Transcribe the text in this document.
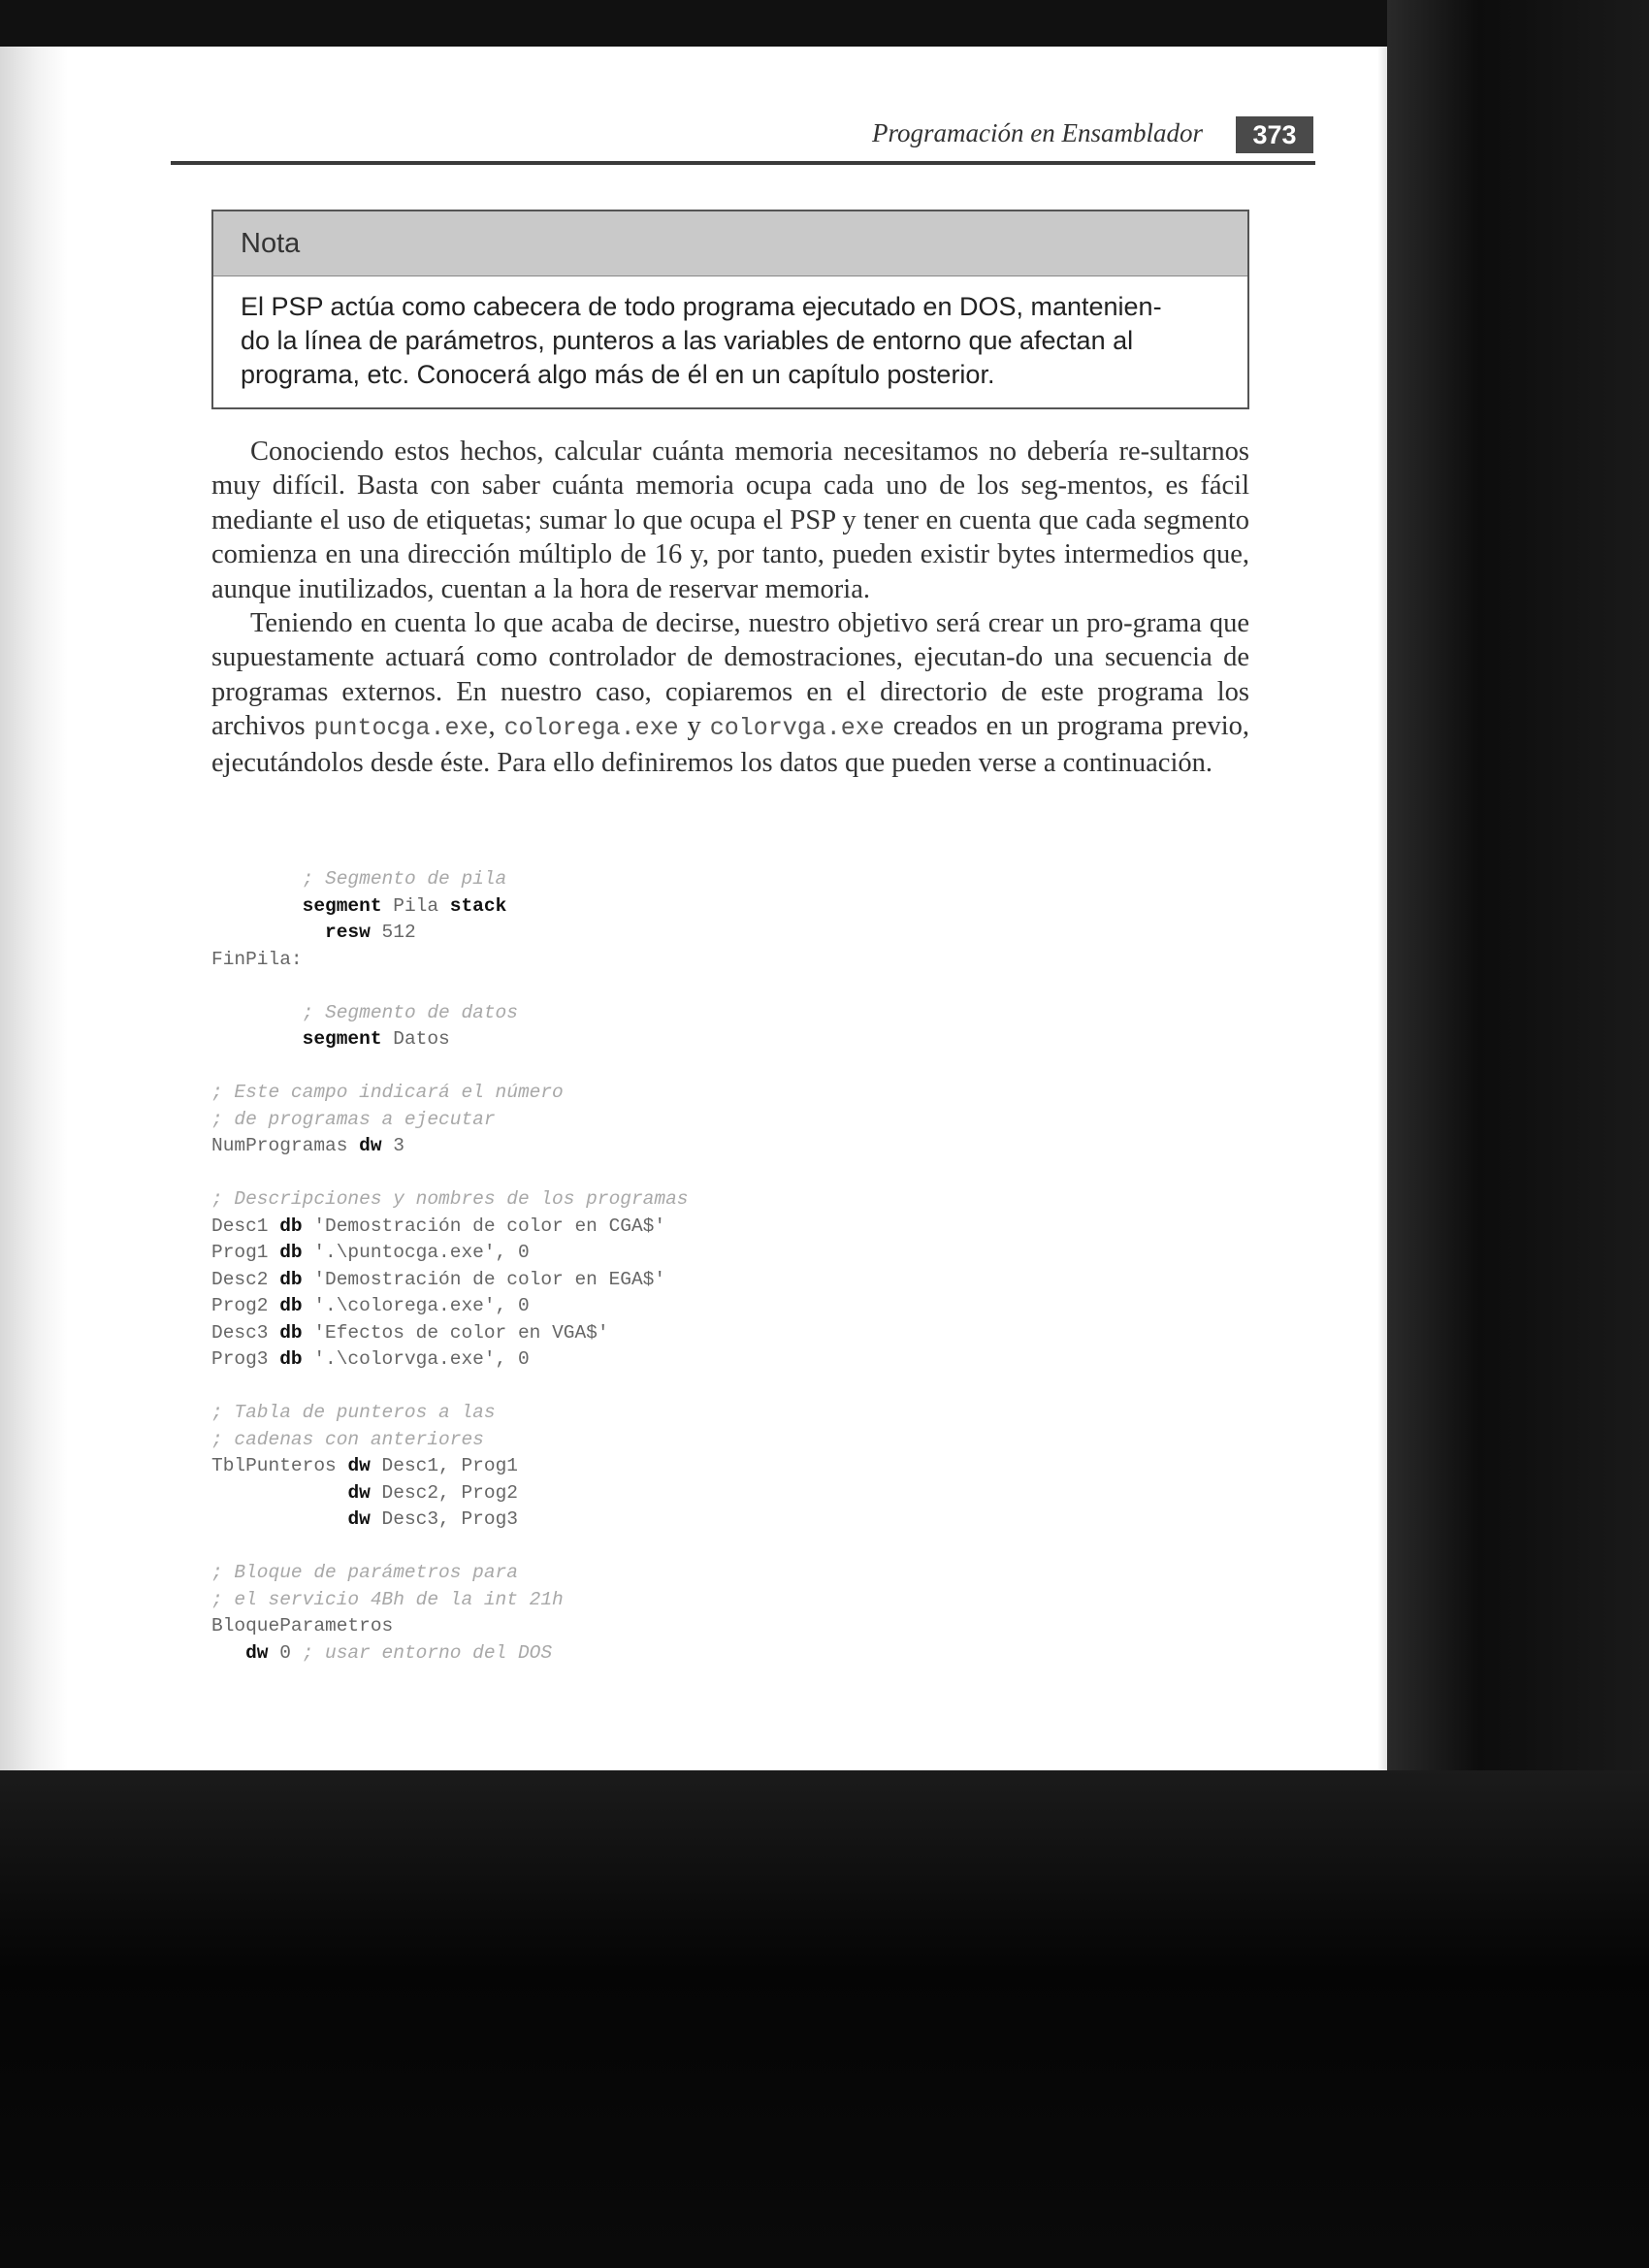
Programación en Ensamblador	373
Nota
El PSP actúa como cabecera de todo programa ejecutado en DOS, mantenien-
do la línea de parámetros, punteros a las variables de entorno que afectan al
programa, etc. Conocerá algo más de él en un capítulo posterior.

Conociendo estos hechos, calcular cuánta memoria necesitamos no debería re-sultarnos muy difícil. Basta con saber cuánta memoria ocupa cada uno de los seg-mentos, es fácil mediante el uso de etiquetas; sumar lo que ocupa el PSP y tener en cuenta que cada segmento comienza en una dirección múltiplo de 16 y, por tanto, pueden existir bytes intermedios que, aunque inutilizados, cuentan a la hora de reservar memoria.

Teniendo en cuenta lo que acaba de decirse, nuestro objetivo será crear un pro-grama que supuestamente actuará como controlador de demostraciones, ejecutan-do una secuencia de programas externos. En nuestro caso, copiaremos en el directorio de este programa los archivos puntocga.exe, colorega.exe y colorvga.exe creados en un programa previo, ejecutándolos desde éste. Para ello definiremos los datos que pueden verse a continuación.

; Segmento de pila
segment Pila stack
resw 512
FinPila:
; Segmento de datos
segment Datos
; Este campo indicará el número
; de programas a ejecutar
NumProgramas dw 3
; Descripciones y nombres de los programas
Desc1 db 'Demostración de color en CGA$'
Prog1 db '.\puntocga.exe', 0
Desc2 db 'Demostración de color en EGA$'
Prog2 db '.\colorega.exe', 0
Desc3 db 'Efectos de color en VGA$'
Prog3 db '.\colorvga.exe', 0
; Tabla de punteros a las
; cadenas con anteriores
TblPunteros dw Desc1, Prog1
dw Desc2, Prog2
dw Desc3, Prog3
; Bloque de parámetros para
; el servicio 4Bh de la int 21h
BloqueParametros
dw 0 ; usar entorno del DOS
